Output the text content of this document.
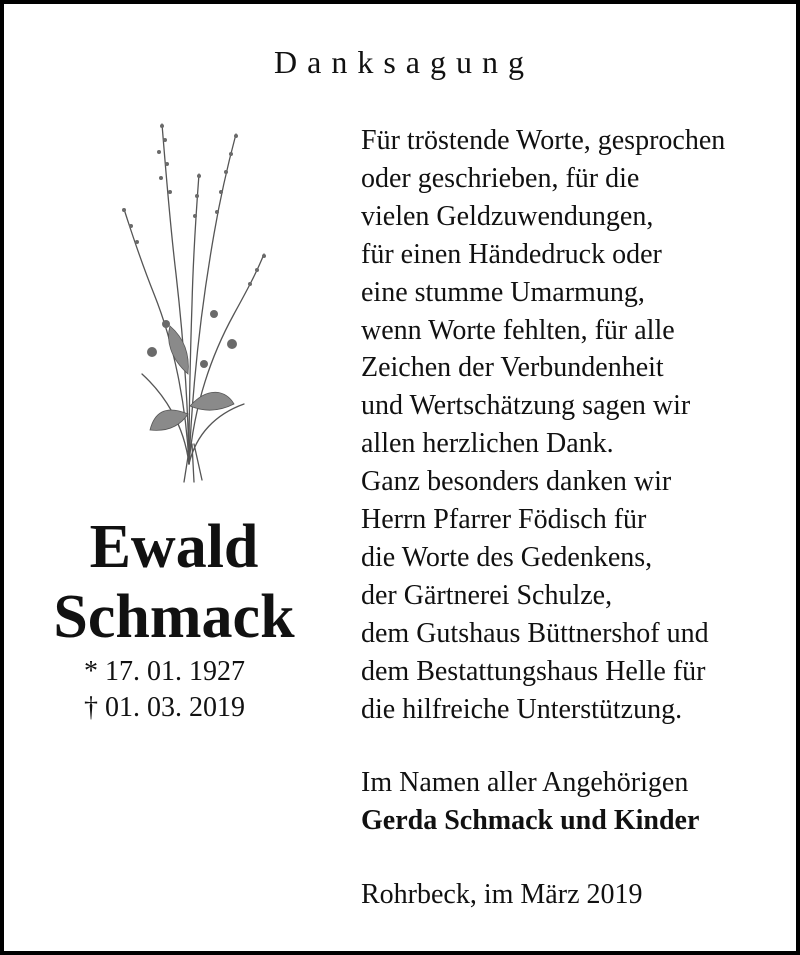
Danksagung
Ewald
Schmack
* 17. 01. 1927
† 01. 03. 2019
Für tröstende Worte, gesprochen
oder geschrieben, für die
vielen Geldzuwendungen,
für einen Händedruck oder
eine stumme Umarmung,
wenn Worte fehlten, für alle
Zeichen der Verbundenheit
und Wertschätzung sagen wir
allen herzlichen Dank.
Ganz besonders danken wir
Herrn Pfarrer Födisch für
die Worte des Gedenkens,
der Gärtnerei Schulze,
dem Gutshaus Büttnershof und
dem Bestattungshaus Helle für
die hilfreiche Unterstützung.
Im Namen aller Angehörigen
Gerda Schmack und Kinder
Rohrbeck, im März 2019
